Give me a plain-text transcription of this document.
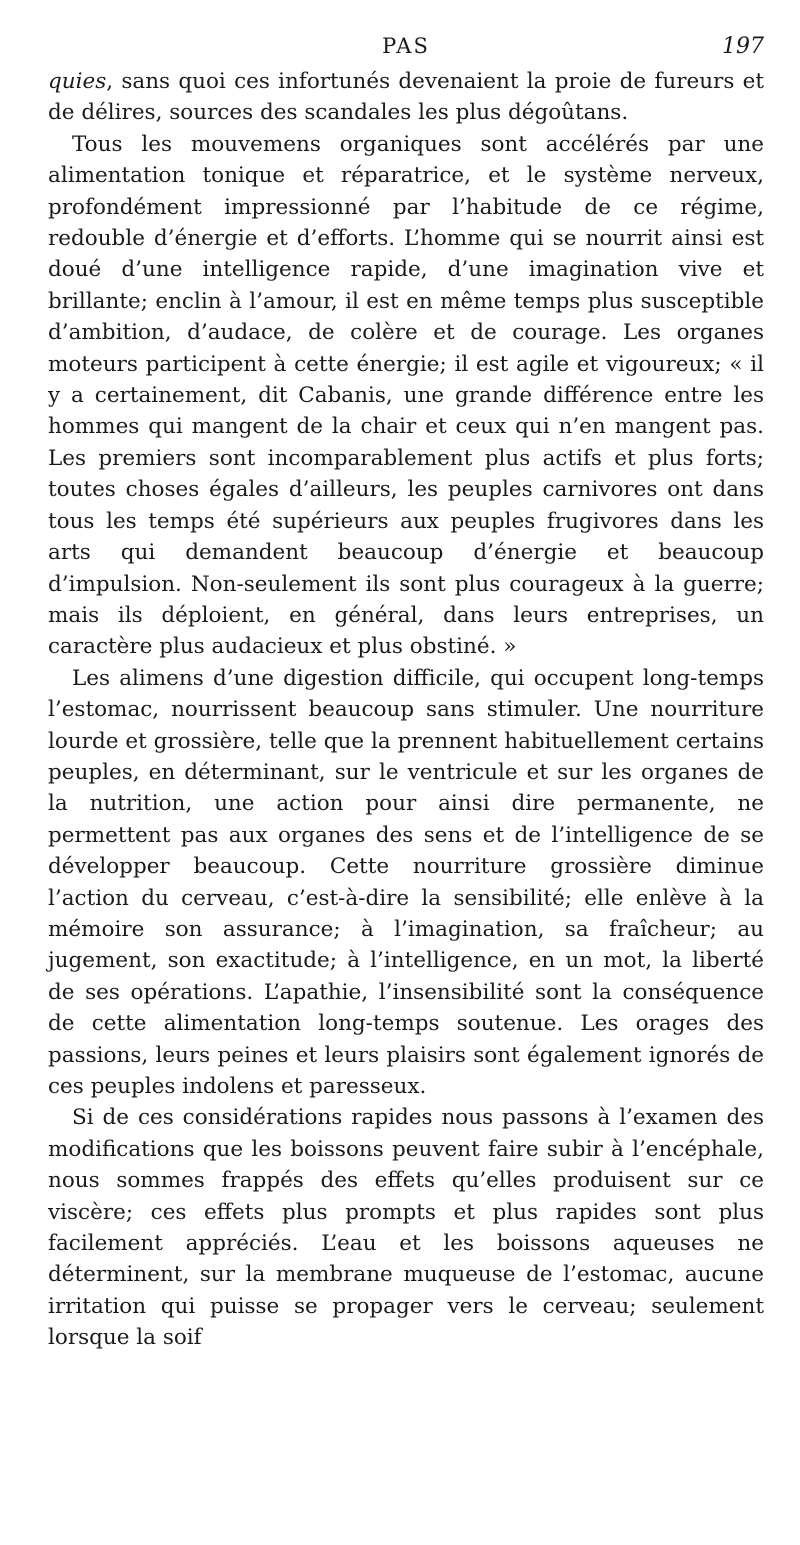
PAS	197

quies, sans quoi ces infortunés devenaient la proie de fureurs et de délires, sources des scandales les plus dégoûtans.

Tous les mouvemens organiques sont accélérés par une alimentation tonique et réparatrice, et le système nerveux, profondément impressionné par l’habitude de ce régime, redouble d’énergie et d’efforts. L’homme qui se nourrit ainsi est doué d’une intelligence rapide, d’une imagination vive et brillante; enclin à l’amour, il est en même temps plus susceptible d’ambition, d’audace, de colère et de courage. Les organes moteurs participent à cette énergie; il est agile et vigoureux; « il y a certainement, dit Cabanis, une grande différence entre les hommes qui mangent de la chair et ceux qui n’en mangent pas. Les premiers sont incomparablement plus actifs et plus forts; toutes choses égales d’ailleurs, les peuples carnivores ont dans tous les temps été supérieurs aux peuples frugivores dans les arts qui demandent beaucoup d’énergie et beaucoup d’impulsion. Non-seulement ils sont plus courageux à la guerre; mais ils déploient, en général, dans leurs entreprises, un caractère plus audacieux et plus obstiné. »

Les alimens d’une digestion difficile, qui occupent long-temps l’estomac, nourrissent beaucoup sans stimuler. Une nourriture lourde et grossière, telle que la prennent habituellement certains peuples, en déterminant, sur le ventricule et sur les organes de la nutrition, une action pour ainsi dire permanente, ne permettent pas aux organes des sens et de l’intelligence de se développer beaucoup. Cette nourriture grossière diminue l’action du cerveau, c’est-à-dire la sensibilité; elle enlève à la mémoire son assurance; à l’imagination, sa fraîcheur; au jugement, son exactitude; à l’intelligence, en un mot, la liberté de ses opérations. L’apathie, l’insensibilité sont la conséquence de cette alimentation long-temps soutenue. Les orages des passions, leurs peines et leurs plaisirs sont également ignorés de ces peuples indolens et paresseux.

Si de ces considérations rapides nous passons à l’examen des modifications que les boissons peuvent faire subir à l’encéphale, nous sommes frappés des effets qu’elles produisent sur ce viscère; ces effets plus prompts et plus rapides sont plus facilement appréciés. L’eau et les boissons aqueuses ne déterminent, sur la membrane muqueuse de l’estomac, aucune irritation qui puisse se propager vers le cerveau; seulement lorsque la soif
